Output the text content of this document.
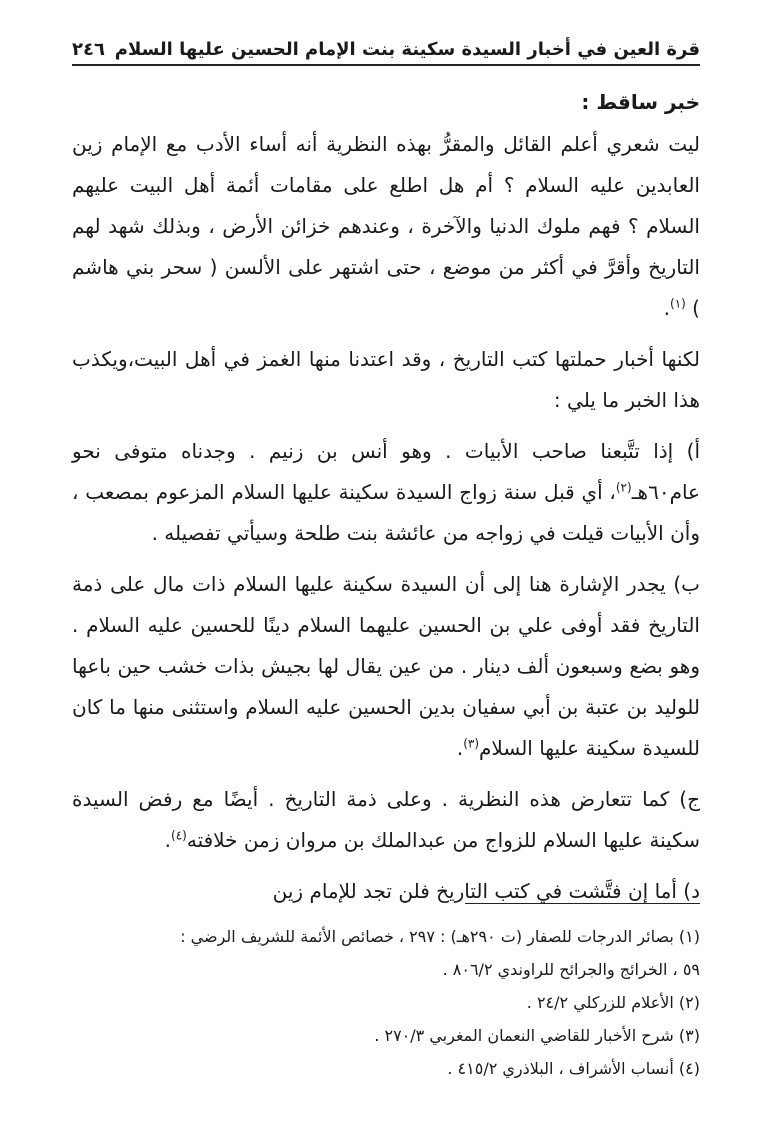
قرة العين في أخبار السيدة سكينة بنت الإمام الحسين عليها السلام
٢٤٦
خبر ساقط :

ليت شعري أعلم القائل والمقرُّ بهذه النظرية أنه أساء الأدب مع الإمام زين العابدين عليه السلام ؟ أم هل اطلع على مقامات أئمة أهل البيت عليهم السلام ؟ فهم ملوك الدنيا والآخرة ، وعندهم خزائن الأرض ، وبذلك شهد لهم التاريخ وأقرَّ في أكثر من موضع ، حتى اشتهر على الألسن ( سحر بني هاشم ) $^{(١)}$.

لكنها أخبار حملتها كتب التاريخ ، وقد اعتدنا منها الغمز في أهل البيت،ويكذب هذا الخبر ما يلي :

أ) إذا تتَّبعنا صاحب الأبيات . وهو أنس بن زنيم . وجدناه متوفى نحو عام٦٠هـ$^{(٢)}$، أي قبل سنة زواج السيدة سكينة عليها السلام المزعوم بمصعب ، وأن الأبيات قيلت في زواجه من عائشة بنت طلحة وسيأتي تفصيله .

ب) يجدر الإشارة هنا إلى أن السيدة سكينة عليها السلام ذات مال على ذمة التاريخ فقد أوفى علي بن الحسين عليهما السلام دينًا للحسين عليه السلام . وهو بضع وسبعون ألف دينار . من عين يقال لها بجيش بذات خشب حين باعها للوليد بن عتبة بن أبي سفيان بدين الحسين عليه السلام واستثنى منها ما كان للسيدة سكينة عليها السلام$^{(٣)}$.

ج) كما تتعارض هذه النظرية . وعلى ذمة التاريخ . أيضًا مع رفض السيدة سكينة عليها السلام للزواج من عبدالملك بن مروان زمن خلافته$^{(٤)}$.

د) أما إن فتَّشت في كتب التاريخ فلن تجد للإمام زين

(١) بصائر الدرجات للصفار (ت ٢٩٠هـ) : ٢٩٧ ، خصائص الأئمة للشريف الرضي :
٥٩ ، الخرائج والجرائح للراوندي ٨٠٦/٢ .
(٢) الأعلام للزركلي ٢٤/٢ .
(٣) شرح الأخبار للقاضي النعمان المغربي ٢٧٠/٣ .
(٤) أنساب الأشراف ، البلاذري ٤١٥/٢ .
